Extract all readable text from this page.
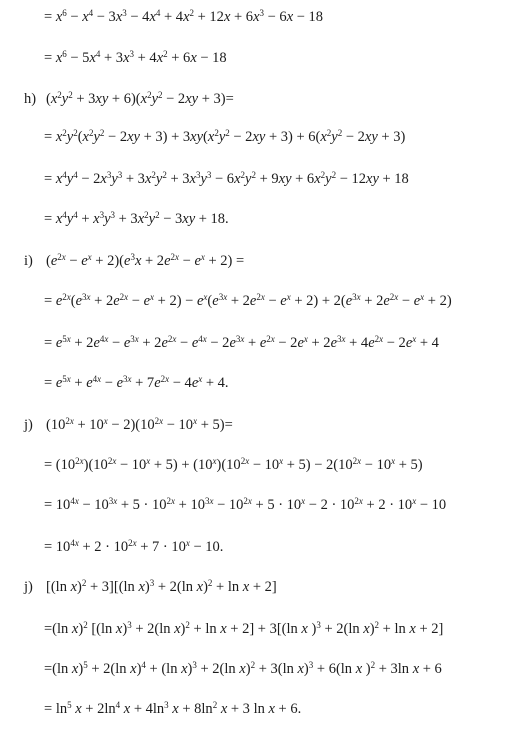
= $x^6 - x^4 - 3x^3 - 4x^4 + 4x^2 + 12x + 6x^3 - 6x - 18$
= $x^6 - 5x^4 + 3x^3 + 4x^2 + 6x - 18$
h) $(x^2y^2 + 3xy + 6)(x^2y^2 - 2xy + 3)=$
= $x^2y^2(x^2y^2 - 2xy + 3) + 3xy(x^2y^2 - 2xy + 3) + 6(x^2y^2 - 2xy + 3)$
= $x^4y^4 - 2x^3y^3 + 3x^2y^2 + 3x^3y^3 - 6x^2y^2 + 9xy + 6x^2y^2 - 12xy + 18$
= $x^4y^4 + x^3y^3 + 3x^2y^2 - 3xy + 18$.
i) $(e^{2x} - e^x + 2)(e^3x + 2e^{2x} - e^x + 2)$ =
= $e^{2x}(e^{3x} + 2e^{2x} - e^x + 2) - e^x(e^{3x} + 2e^{2x} - e^x + 2) + 2(e^{3x} + 2e^{2x} - e^x + 2)$
= $e^{5x} + 2e^{4x} - e^{3x} + 2e^{2x} - e^{4x} - 2e^{3x} + e^{2x} - 2e^x + 2e^{3x} + 4e^{2x} - 2e^x + 4$
= $e^{5x} + e^{4x} - e^{3x} + 7e^{2x} - 4e^x + 4$.
j) $(10^{2x} + 10^x - 2)(10^{2x} - 10^x + 5)=$
= $(10^{2x})(10^{2x} - 10^x + 5) + (10^x)(10^{2x} - 10^x + 5) - 2(10^{2x} - 10^x + 5)$
= $10^{4x} - 10^{3x} + 5 \cdot 10^{2x} + 10^{3x} - 10^{2x} + 5 \cdot 10^x - 2 \cdot 10^{2x} + 2 \cdot 10^x - 10$
= $10^{4x} + 2 \cdot 10^{2x} + 7 \cdot 10^x - 10$.
j) [(ln x)$^2$ + 3][(ln x)$^3$ + 2(ln x)$^2$ + ln x + 2]
=(ln x)$^2$ [(ln x)$^3$ + 2(ln x)$^2$ + ln x + 2] + 3[(ln x )$^3$ + 2(ln x)$^2$ + ln x + 2]
=(ln x)$^5$ + 2(ln x)$^4$ + (ln x)$^3$ + 2(ln x)$^2$ + 3(ln x)$^3$ + 6(ln x )$^2$ + 3ln x + 6
= $\ln^5 x + 2\ln^4$ $x + 4\ln^3$ $x + 8\ln^2$ x + 3 ln x + 6.
